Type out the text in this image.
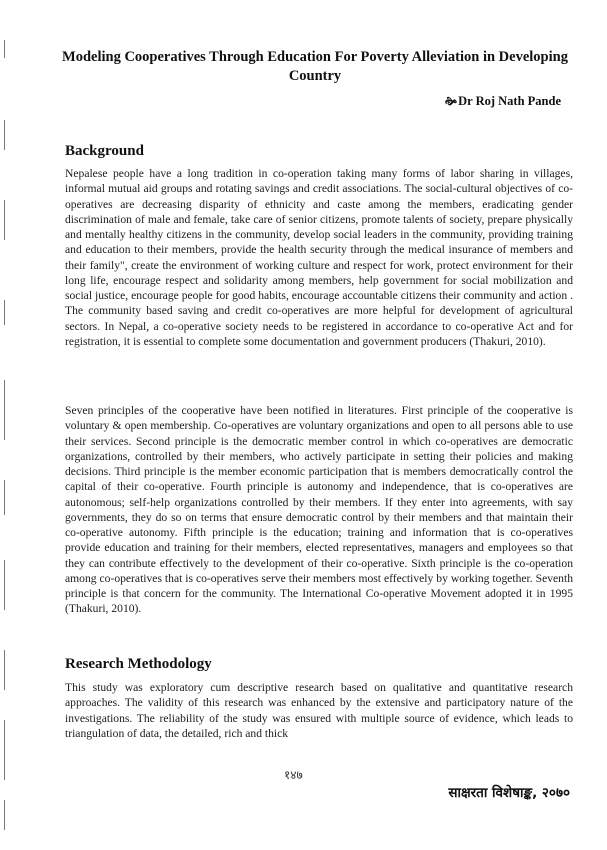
Modeling Cooperatives Through Education For Poverty Alleviation in Developing Country
🙞Dr Roj Nath Pande
Background
Nepalese people have a long tradition in co-operation taking many forms of labor sharing in villages, informal mutual aid groups and rotating savings and credit associations. The social-cultural objectives of co-operatives are decreasing disparity of ethnicity and caste among the members, eradicating gender discrimination of male and female, take care of senior citizens, promote talents of society, prepare physically and mentally healthy citizens in the community, develop social leaders in the community, providing training and education to their members, provide the health security through the medical insurance of members and their family", create the environment of working culture and respect for work, protect environment for their long life, encourage respect and solidarity among members, help government for social mobilization and social justice, encourage people for good habits, encourage accountable citizens their community and action . The community based saving and credit co-operatives are more helpful for development of agricultural sectors. In Nepal, a co-operative society needs to be registered in accordance to co-operative Act and for registration, it is essential to complete some documentation and government producers (Thakuri, 2010).
Seven principles of the cooperative have been notified in literatures. First principle of the cooperative is voluntary & open membership. Co-operatives are voluntary organizations and open to all persons able to use their services. Second principle is the democratic member control in which co-operatives are democratic organizations, controlled by their members, who actively participate in setting their policies and making decisions. Third principle is the member economic participation that is members democratically control the capital of their co-operative. Fourth principle is autonomy and independence, that is co-operatives are autonomous; self-help organizations controlled by their members. If they enter into agreements, with say governments, they do so on terms that ensure democratic control by their members and that maintain their co-operative autonomy. Fifth principle is the education; training and information that is co-operatives provide education and training for their members, elected representatives, managers and employees so that they can contribute effectively to the development of their co-operative. Sixth principle is the co-operation among co-operatives that is co-operatives serve their members most effectively by working together. Seventh principle is that concern for the community. The International Co-operative Movement adopted it in 1995 (Thakuri, 2010).
Research Methodology
This study was exploratory cum descriptive research based on qualitative and quantitative research approaches. The validity of this research was enhanced by the extensive and participatory nature of the investigations. The reliability of the study was ensured with multiple source of evidence, which leads to triangulation of data, the detailed, rich and thick
१४७
साक्षरता विशेषाङ्क, २०७०
